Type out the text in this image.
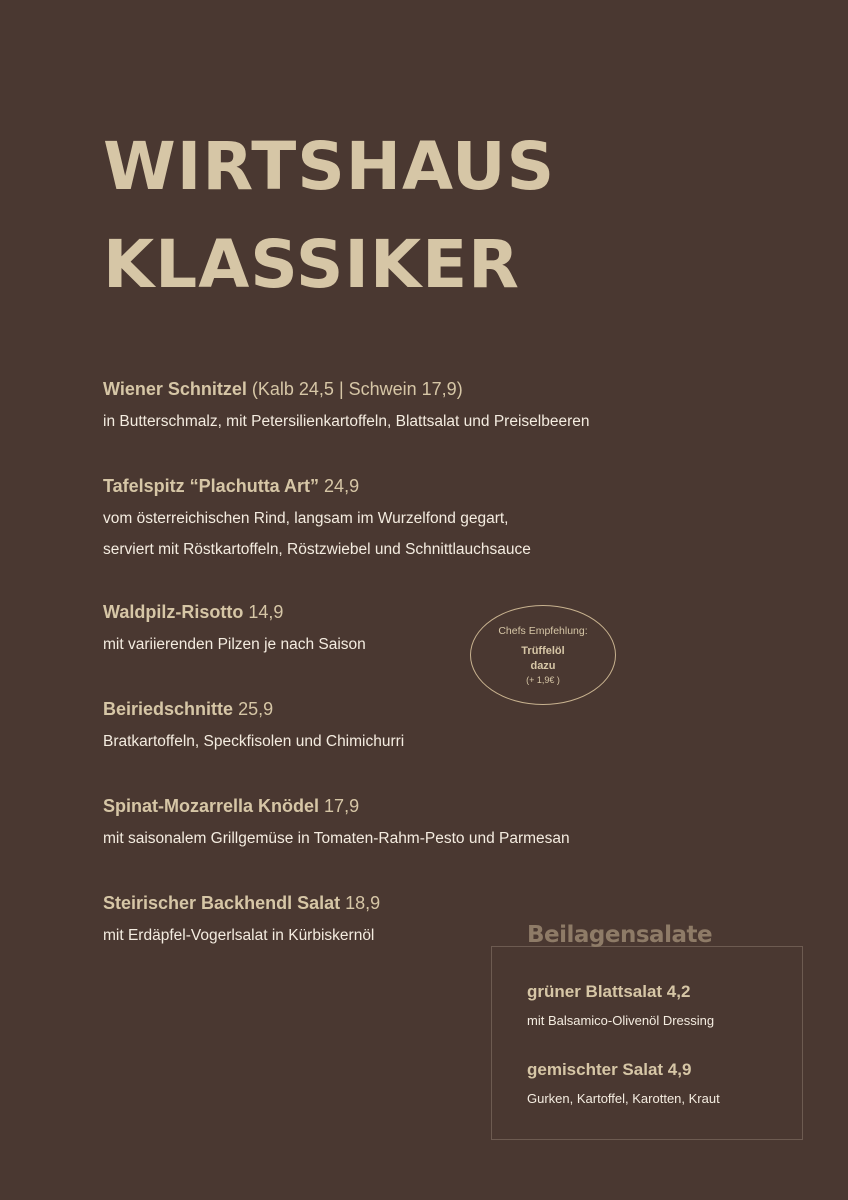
WIRTSHAUS
KLASSIKER
Wiener Schnitzel (Kalb 24,5 | Schwein 17,9)
in Butterschmalz, mit Petersilienkartoffeln, Blattsalat und Preiselbeeren
Tafelspitz “Plachutta Art” 24,9
vom österreichischen Rind, langsam im Wurzelfond gegart,
serviert mit Röstkartoffeln, Röstzwiebel und Schnittlauchsauce
Waldpilz-Risotto 14,9
mit variierenden Pilzen je nach Saison
Beiriedschnitte 25,9
Bratkartoffeln, Speckfisolen und Chimichurri
Spinat-Mozarrella Knödel 17,9
mit saisonalem Grillgemüse in Tomaten-Rahm-Pesto und Parmesan
Steirischer Backhendl Salat 18,9
mit Erdäpfel-Vogerlsalat in Kürbiskernöl
Chefs Empfehlung:
Trüffelöl
dazu
(+ 1,9€ )
Beilagensalate
grüner Blattsalat 4,2
mit Balsamico-Olivenöl Dressing
gemischter Salat 4,9
Gurken, Kartoffel, Karotten, Kraut
